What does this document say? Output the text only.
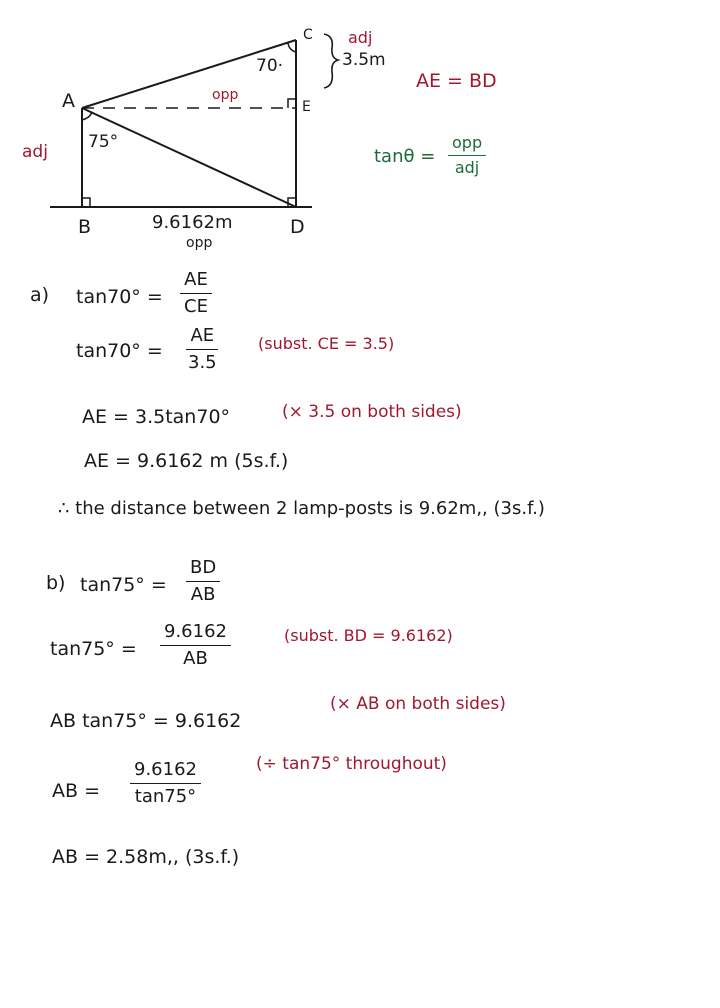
A
B
C
D
E
70·
75°
adj
3.5m
adj
opp
9.6162m
opp
AE = BD
tanθ =
opp
adj
a) $\tan 70^\circ = \frac{AE}{CE}$
$\tan 70^\circ = \frac{AE}{3.5}$ (subst. CE = 3.5)
AE = 3.5tan70°	(× 3.5 on both sides)
AE = 9.6162 m (5s.f.)
∴ the distance between 2 lamp-posts is 9.62m,, (3s.f.)
b) $\tan 75^\circ = \frac{BD}{AB}$
$\tan 75^\circ = \frac{9.6162}{AB}$	(subst. BD = 9.6162)
AB tan75° = 9.6162
(× AB on both sides)
AB = $\frac{9.6162}{\tan 75^\circ}$	(÷ tan75° throughout)
AB = 2.58m,, (3s.f.)
